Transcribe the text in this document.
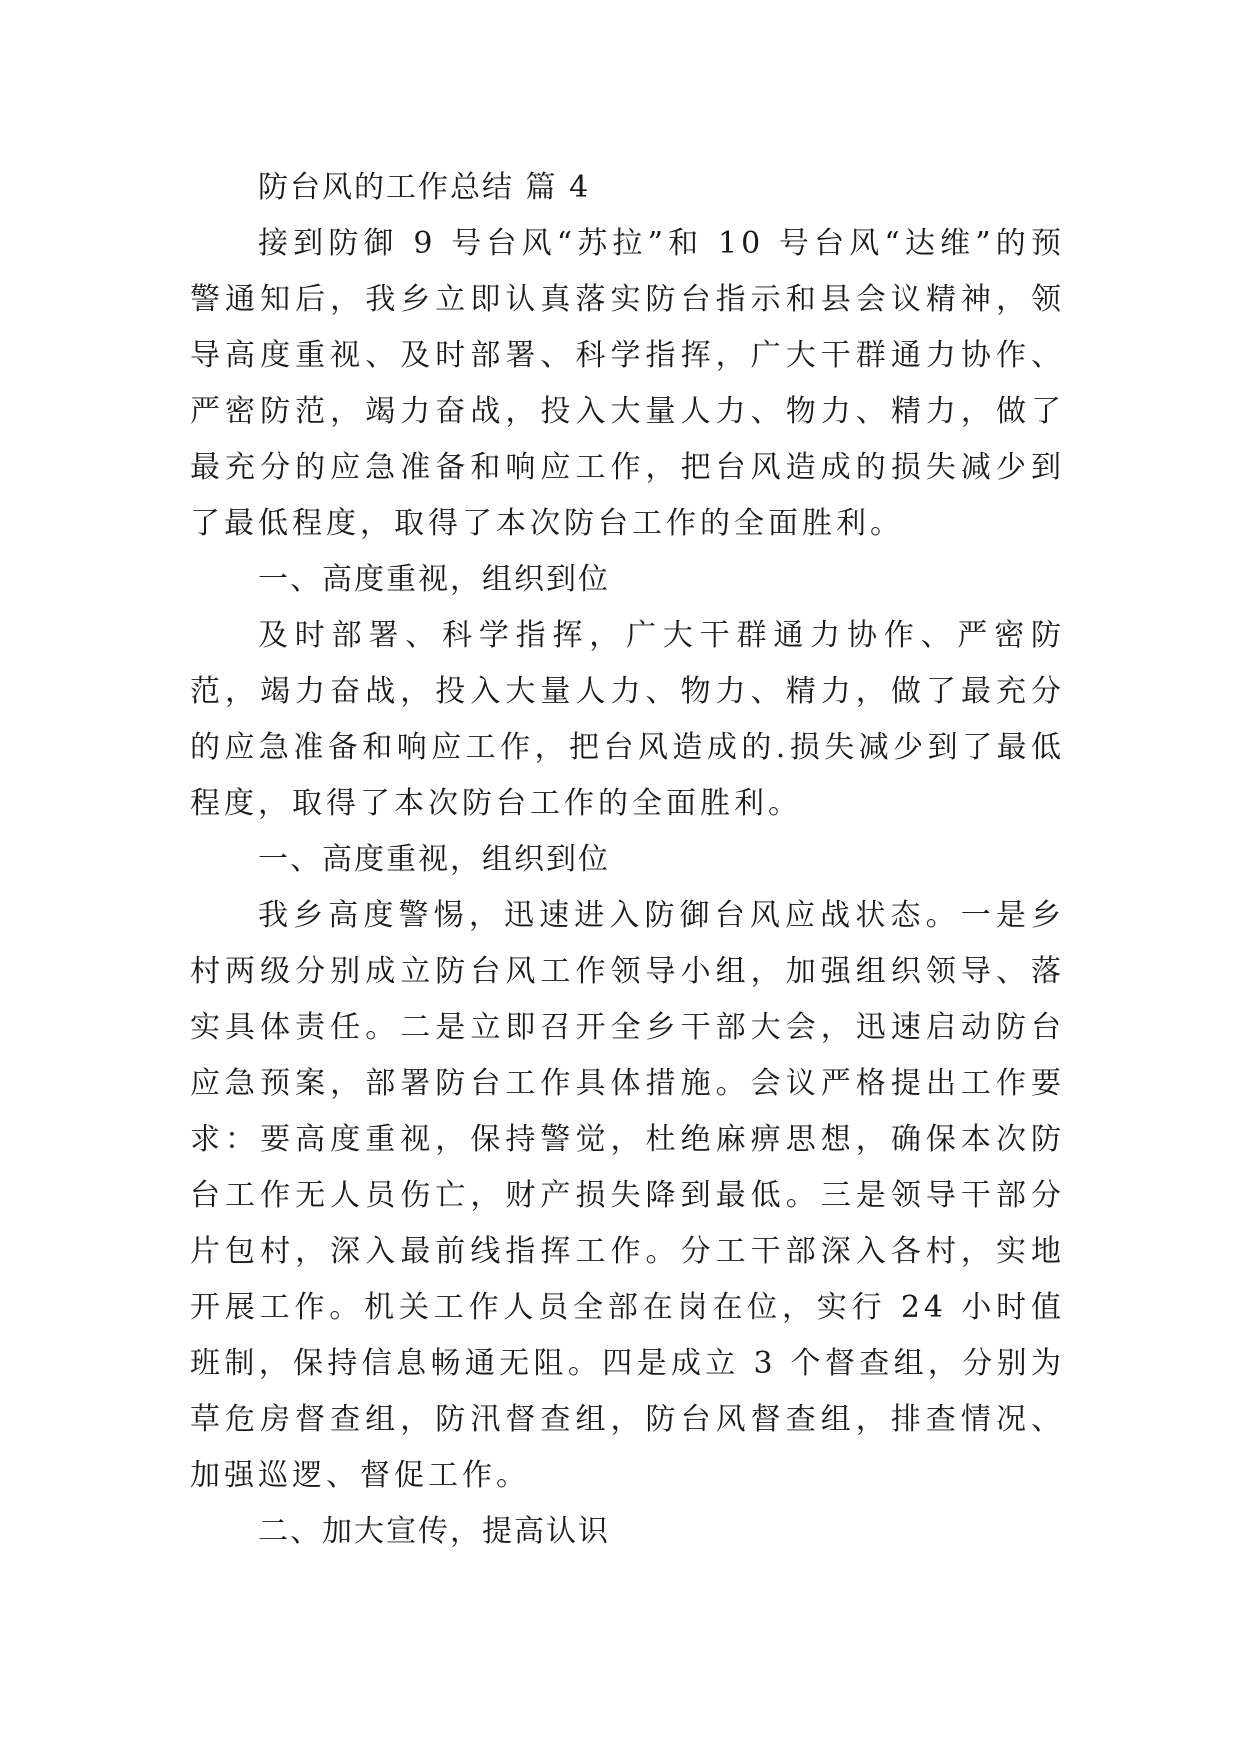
防台风的工作总结 篇 4

接到防御 9 号台风“苏拉”和 10 号台风“达维”的预警通知后，我乡立即认真落实防台指示和县会议精神，领导高度重视、及时部署、科学指挥，广大干群通力协作、严密防范，竭力奋战，投入大量人力、物力、精力，做了最充分的应急准备和响应工作，把台风造成的损失减少到了最低程度，取得了本次防台工作的全面胜利。

一、高度重视，组织到位

及时部署、科学指挥，广大干群通力协作、严密防范，竭力奋战，投入大量人力、物力、精力，做了最充分的应急准备和响应工作，把台风造成的.损失减少到了最低程度，取得了本次防台工作的全面胜利。

一、高度重视，组织到位

我乡高度警惕，迅速进入防御台风应战状态。一是乡村两级分别成立防台风工作领导小组，加强组织领导、落实具体责任。二是立即召开全乡干部大会，迅速启动防台应急预案，部署防台工作具体措施。会议严格提出工作要求：要高度重视，保持警觉，杜绝麻痹思想，确保本次防台工作无人员伤亡，财产损失降到最低。三是领导干部分片包村，深入最前线指挥工作。分工干部深入各村，实地开展工作。机关工作人员全部在岗在位，实行 24 小时值班制，保持信息畅通无阻。四是成立 3 个督查组，分别为草危房督查组，防汛督查组，防台风督查组，排查情况、加强巡逻、督促工作。

二、加大宣传，提高认识
